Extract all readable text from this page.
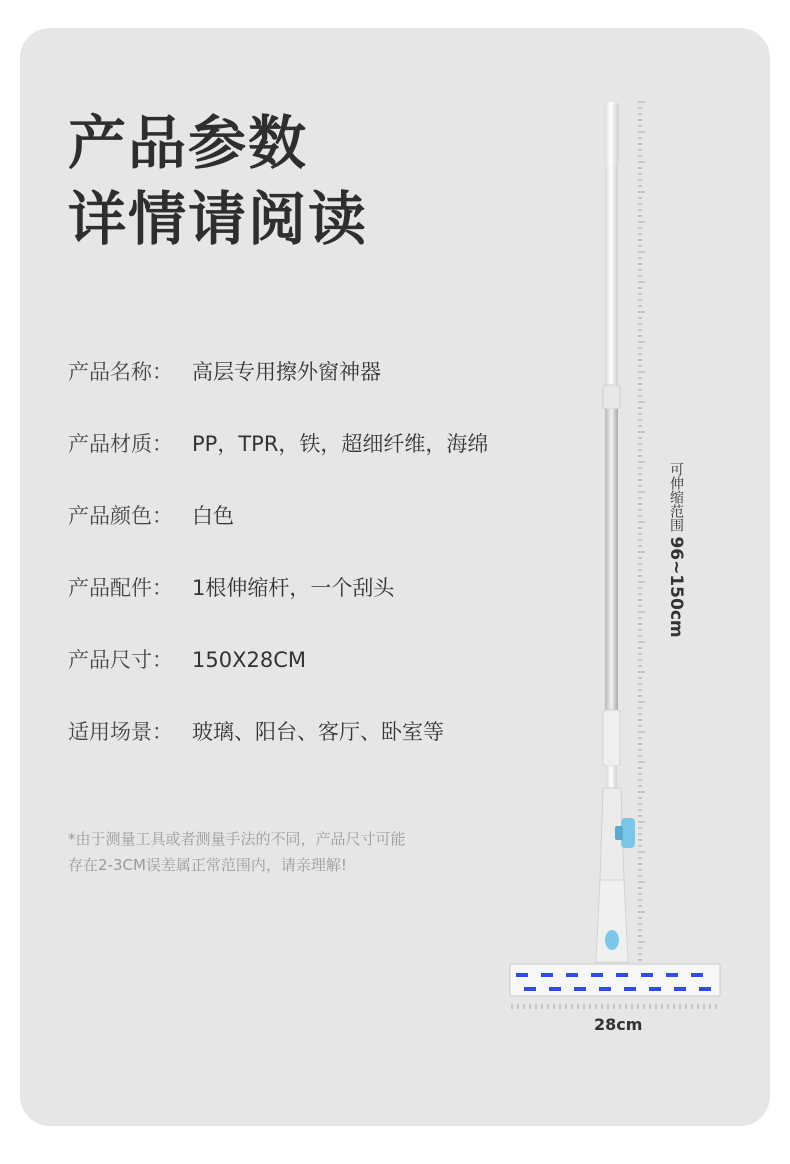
产品参数
详情请阅读
产品名称： 高层专用擦外窗神器
产品材质： PP，TPR，铁，超细纤维，海绵
产品颜色： 白色
产品配件： 1根伸缩杆，一个刮头
产品尺寸： 150X28CM
适用场景： 玻璃、阳台、客厅、卧室等
*由于测量工具或者测量手法的不同，产品尺寸可能
存在2-3CM误差属正常范围内，请亲理解!
可伸缩范围 96~150cm
28cm
